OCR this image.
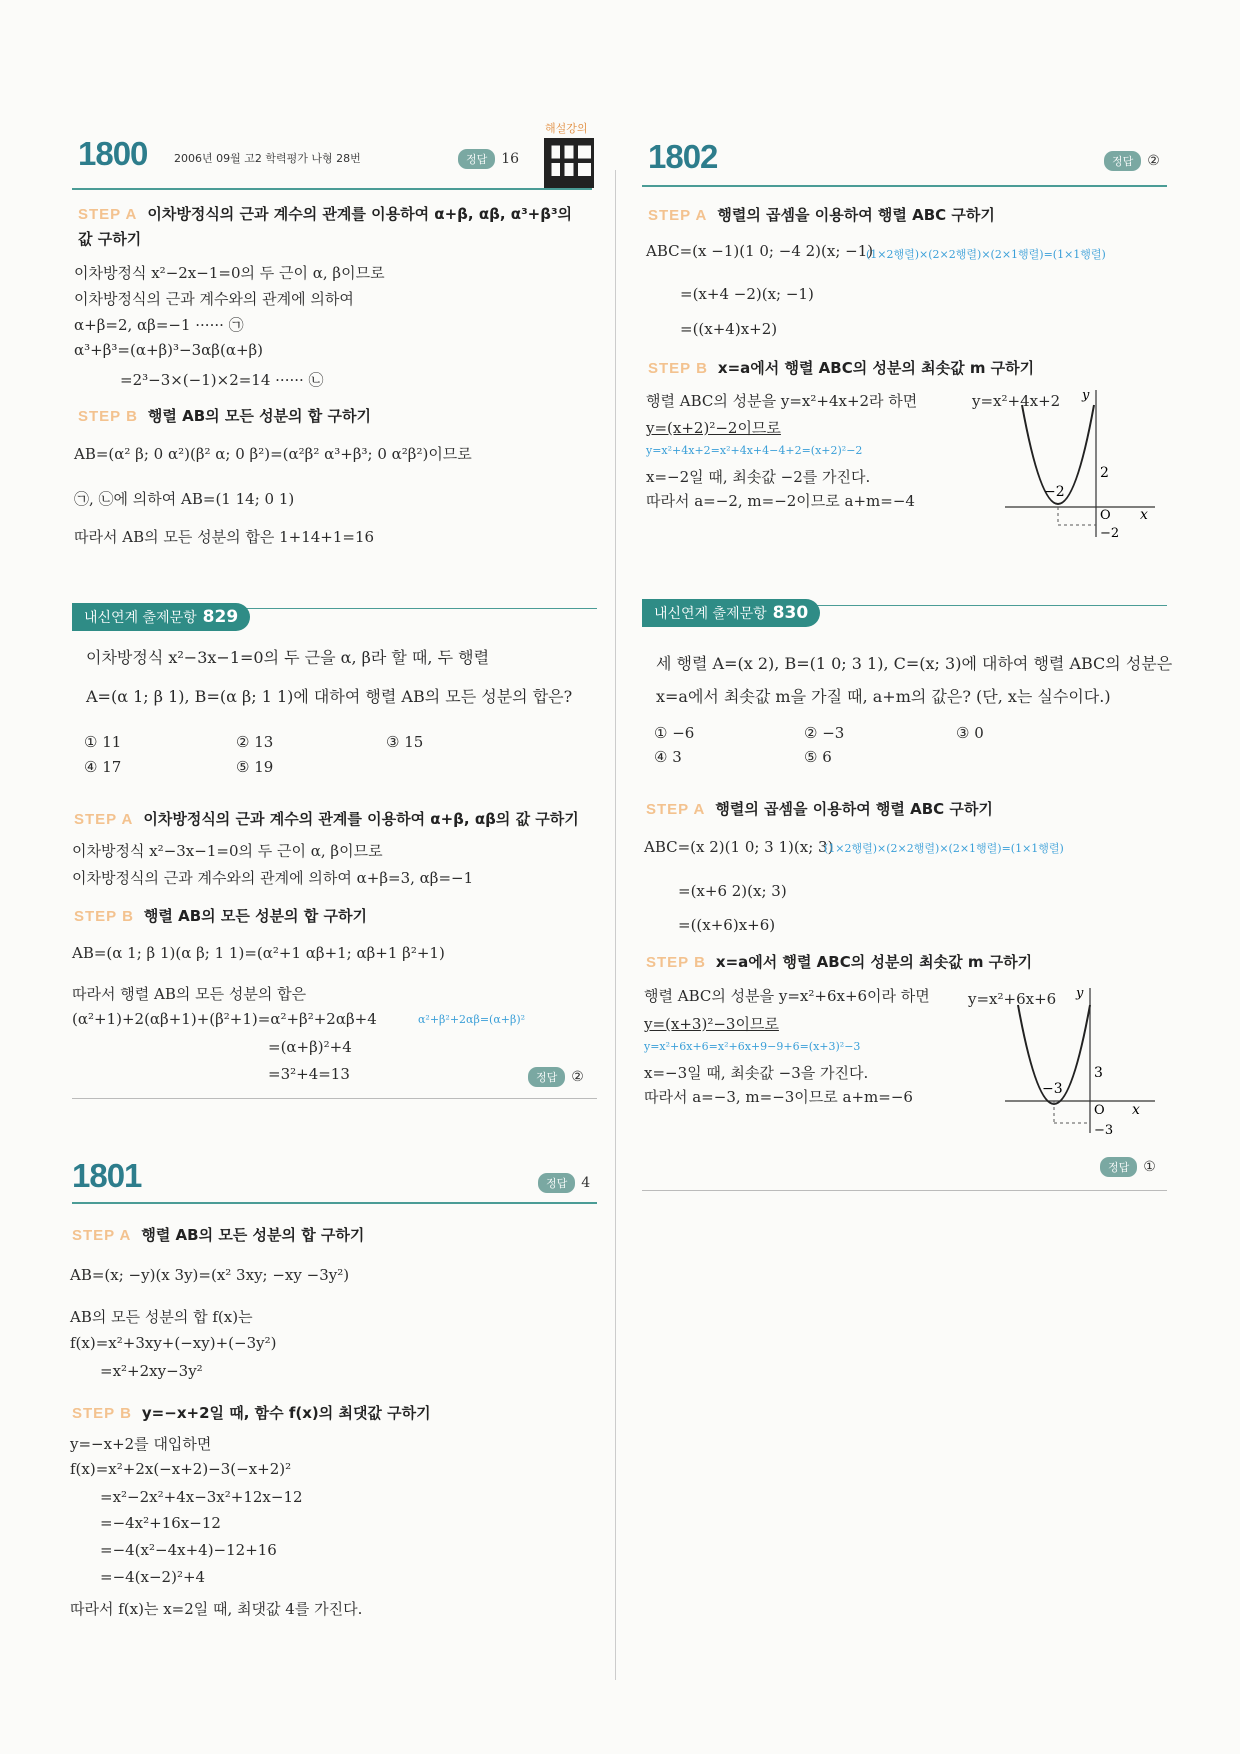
1800 2006년 09월 고2 학력평가 나형 28번	정답 16
해설강의
STEP A 이차방정식의 근과 계수의 관계를 이용하여 α+β, αβ, α³+β³의 값 구하기
이차방정식 x²−2x−1=0의 두 근이 α, β이므로
이차방정식의 근과 계수와의 관계에 의하여
α+β=2, αβ=−1 ······ ㉠
α³+β³=(α+β)³−3αβ(α+β)
=2³−3×(−1)×2=14 ······ ㉡
STEP B 행렬 AB의 모든 성분의 합 구하기
AB=(α² β; 0 α²)(β² α; 0 β²)=(α²β² α³+β³; 0 α²β²)이므로
㉠, ㉡에 의하여 AB=(1 14; 0 1)
따라서 AB의 모든 성분의 합은 1+14+1=16
내신연계 출제문항 829
이차방정식 x²−3x−1=0의 두 근을 α, β라 할 때, 두 행렬
A=(α 1; β 1), B=(α β; 1 1)에 대하여 행렬 AB의 모든 성분의 합은?
① 11	② 13	③ 15
④ 17	⑤ 19
STEP A 이차방정식의 근과 계수의 관계를 이용하여 α+β, αβ의 값 구하기
이차방정식 x²−3x−1=0의 두 근이 α, β이므로
이차방정식의 근과 계수와의 관계에 의하여 α+β=3, αβ=−1
STEP B 행렬 AB의 모든 성분의 합 구하기
AB=(α 1; β 1)(α β; 1 1)=(α²+1 αβ+1; αβ+1 β²+1)
따라서 행렬 AB의 모든 성분의 합은
(α²+1)+2(αβ+1)+(β²+1)=α²+β²+2αβ+4	α²+β²+2αβ=(α+β)²
=(α+β)²+4
=3²+4=13	정답 ②
1801	정답 4
STEP A 행렬 AB의 모든 성분의 합 구하기
AB=(x; −y)(x 3y)=(x² 3xy; −xy −3y²)
AB의 모든 성분의 합 f(x)는
f(x)=x²+3xy+(−xy)+(−3y²)
=x²+2xy−3y²
STEP B y=−x+2일 때, 함수 f(x)의 최댓값 구하기
y=−x+2를 대입하면
f(x)=x²+2x(−x+2)−3(−x+2)²
=x²−2x²+4x−3x²+12x−12
=−4x²+16x−12
=−4(x²−4x+4)−12+16
=−4(x−2)²+4
따라서 f(x)는 x=2일 때, 최댓값 4를 가진다.
1802	정답 ②
STEP A 행렬의 곱셈을 이용하여 행렬 ABC 구하기
ABC=(x −1)(1 0; −4 2)(x; −1)
(1×2행렬)×(2×2행렬)×(2×1행렬)=(1×1행렬)
=(x+4 −2)(x; −1)
=((x+4)x+2)
STEP B x=a에서 행렬 ABC의 성분의 최솟값 m 구하기
행렬 ABC의 성분을 y=x²+4x+2라 하면
y=(x+2)²−2이므로
y=x²+4x+2=x²+4x+4−4+2=(x+2)²−2
x=−2일 때, 최솟값 −2를 가진다.
따라서 a=−2, m=−2이므로 a+m=−4
y=x²+4x+2
−2
2
O
−2
x
y
내신연계 출제문항 830
세 행렬 A=(x 2), B=(1 0; 3 1), C=(x; 3)에 대하여 행렬 ABC의 성분은
x=a에서 최솟값 m을 가질 때, a+m의 값은? (단, x는 실수이다.)
① −6	② −3	③ 0
④ 3	⑤ 6
STEP A 행렬의 곱셈을 이용하여 행렬 ABC 구하기
ABC=(x 2)(1 0; 3 1)(x; 3)
(1×2행렬)×(2×2행렬)×(2×1행렬)=(1×1행렬)
=(x+6 2)(x; 3)
=((x+6)x+6)
STEP B x=a에서 행렬 ABC의 성분의 최솟값 m 구하기
행렬 ABC의 성분을 y=x²+6x+6이라 하면
y=(x+3)²−3이므로
y=x²+6x+6=x²+6x+9−9+6=(x+3)²−3
x=−3일 때, 최솟값 −3을 가진다.
따라서 a=−3, m=−3이므로 a+m=−6
y=x²+6x+6
−3
3
O
−3
x
y
정답 ①
